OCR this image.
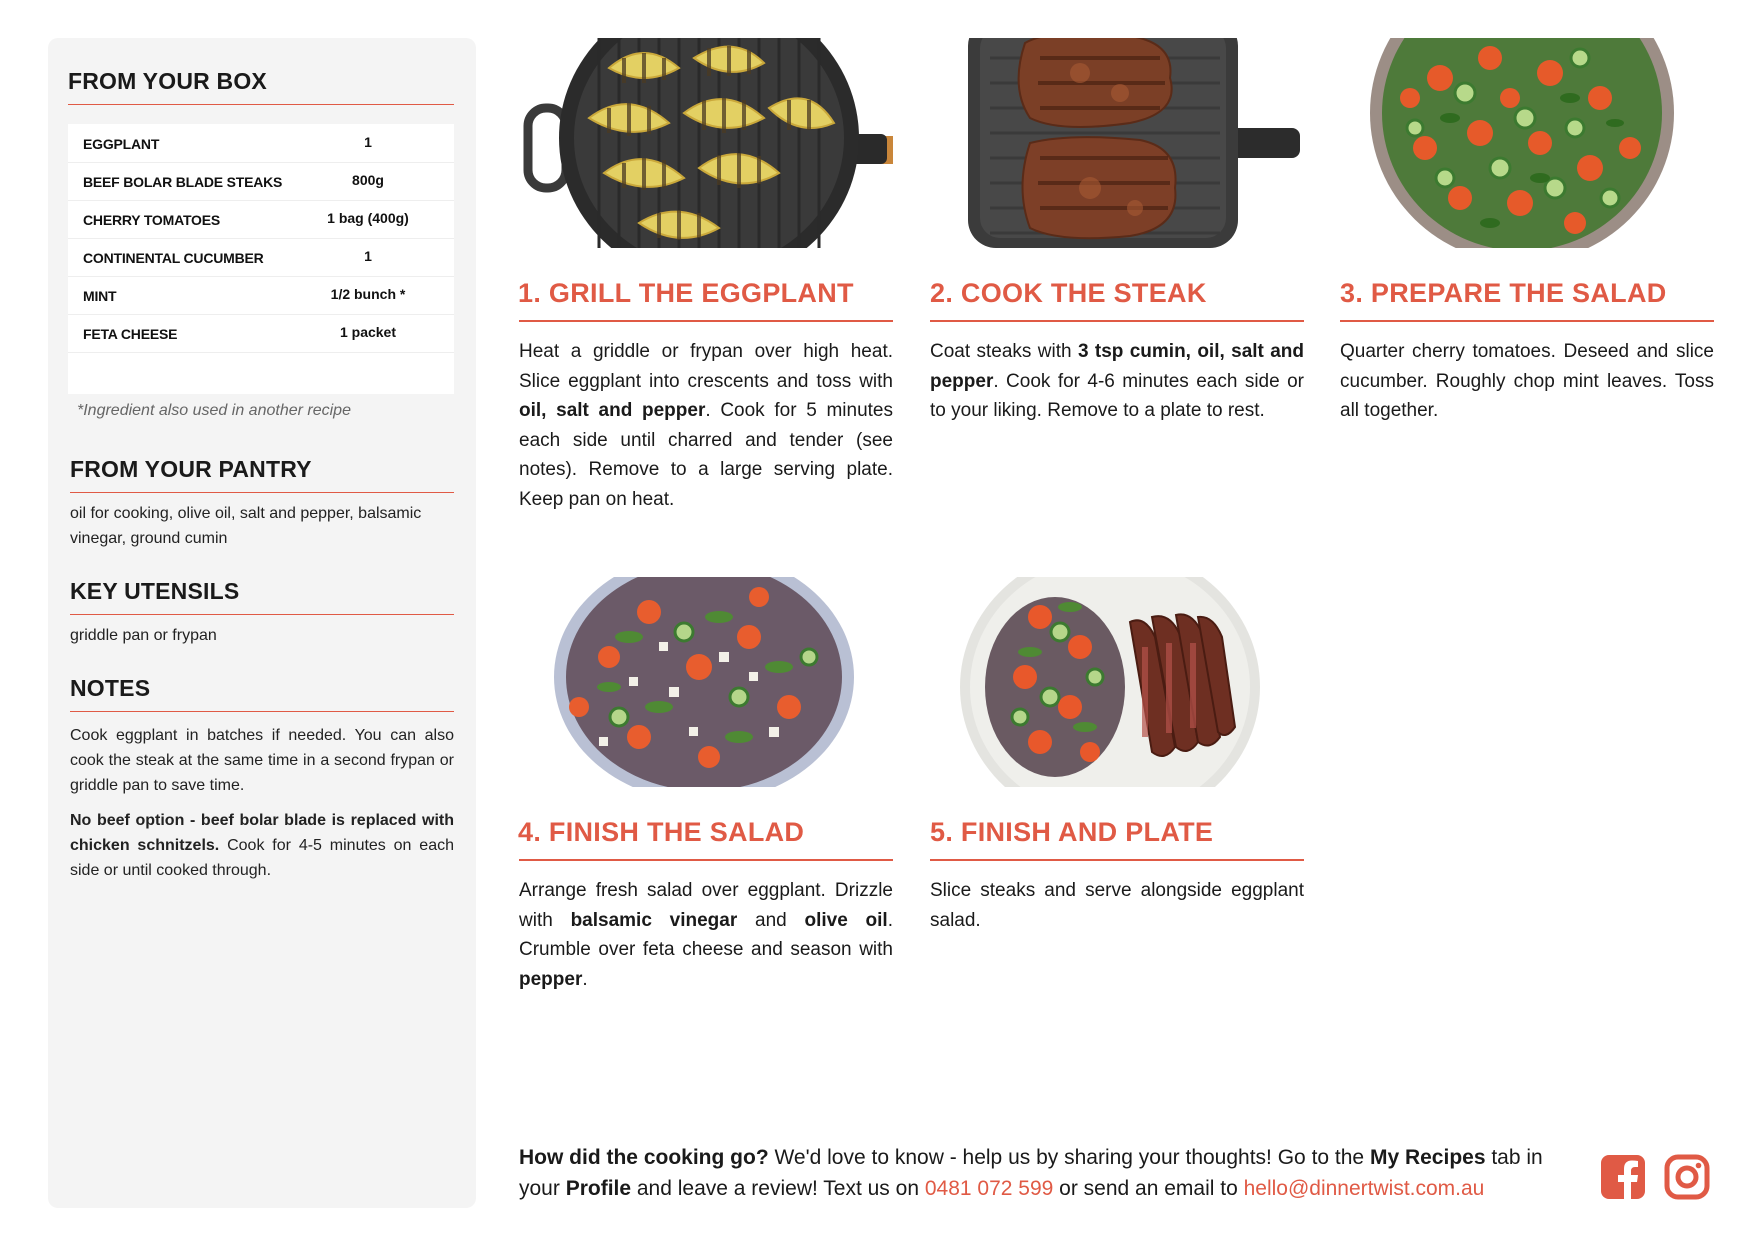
FROM YOUR BOX
EGGPLANT	1
BEEF BOLAR BLADE STEAKS	800g
CHERRY TOMATOES	1 bag (400g)
CONTINENTAL CUCUMBER	1
MINT	1/2 bunch *
FETA CHEESE	1 packet
*Ingredient also used in another recipe
FROM YOUR PANTRY
oil for cooking, olive oil, salt and pepper, balsamic vinegar, ground cumin
KEY UTENSILS
griddle pan or frypan
NOTES
Cook eggplant in batches if needed. You can also cook the steak at the same time in a second frypan or griddle pan to save time.
No beef option - beef bolar blade is replaced with chicken schnitzels. Cook for 4-5 minutes on each side or until cooked through.
1. GRILL THE EGGPLANT
Heat a griddle or frypan over high heat. Slice eggplant into crescents and toss with oil, salt and pepper. Cook for 5 minutes each side until charred and tender (see notes). Remove to a large serving plate. Keep pan on heat.
2. COOK THE STEAK
Coat steaks with 3 tsp cumin, oil, salt and pepper. Cook for 4-6 minutes each side or to your liking. Remove to a plate to rest.
3. PREPARE THE SALAD
Quarter cherry tomatoes. Deseed and slice cucumber. Roughly chop mint leaves. Toss all together.
4. FINISH THE SALAD
Arrange fresh salad over eggplant. Drizzle with balsamic vinegar and olive oil. Crumble over feta cheese and season with pepper.
5. FINISH AND PLATE
Slice steaks and serve alongside eggplant salad.
How did the cooking go? We'd love to know - help us by sharing your thoughts! Go to the My Recipes tab in your Profile and leave a review! Text us on 0481 072 599 or send an email to hello@dinnertwist.com.au
